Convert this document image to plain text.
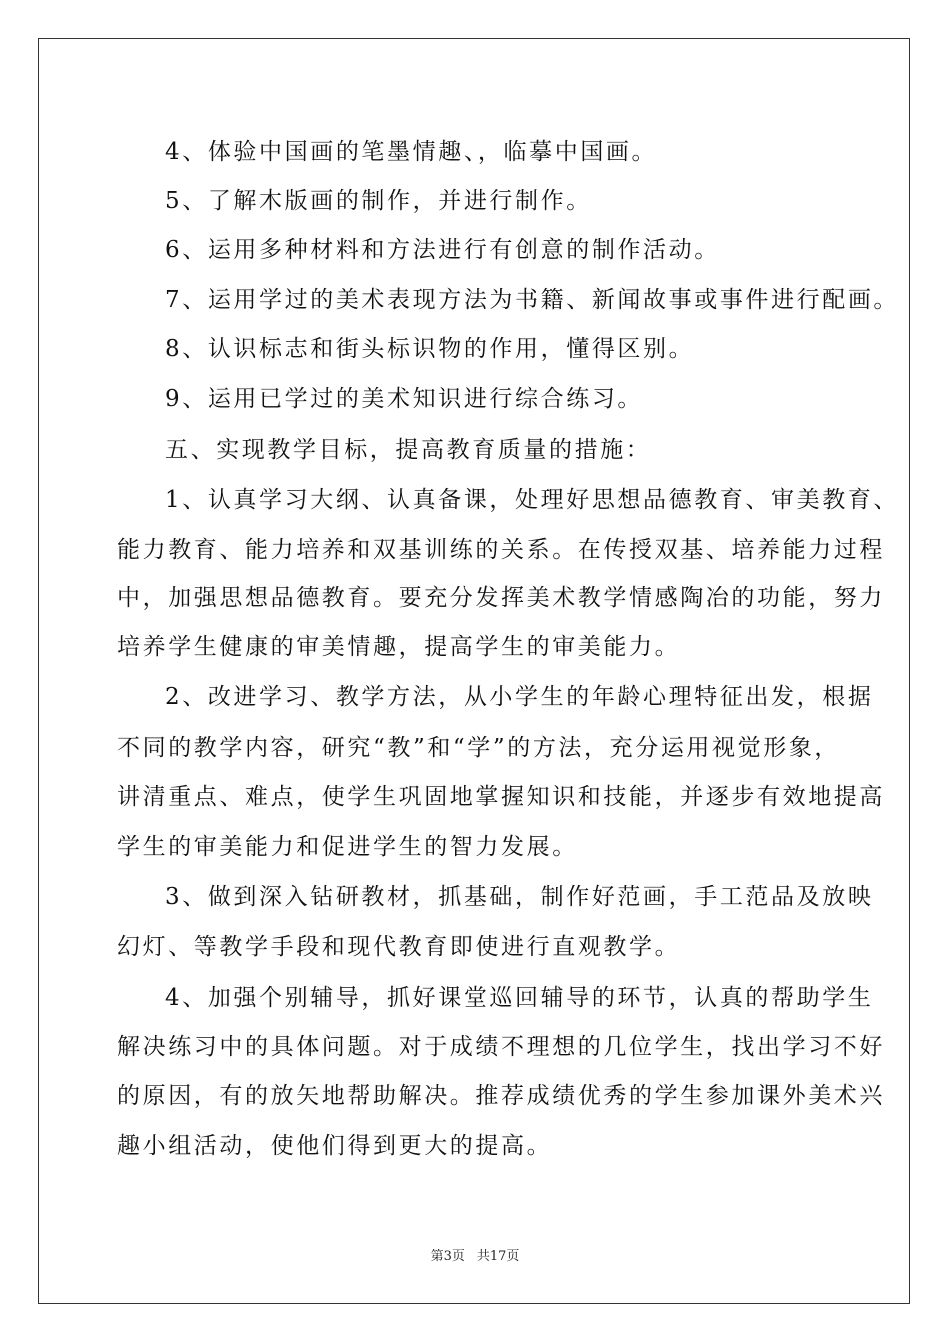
4、体验中国画的笔墨情趣、，临摹中国画。
5、了解木版画的制作，并进行制作。
6、运用多种材料和方法进行有创意的制作活动。
7、运用学过的美术表现方法为书籍、新闻故事或事件进行配画。
8、认识标志和街头标识物的作用，懂得区别。
9、运用已学过的美术知识进行综合练习。
五、实现教学目标，提高教育质量的措施：
1、认真学习大纲、认真备课，处理好思想品德教育、审美教育、
能力教育、能力培养和双基训练的关系。在传授双基、培养能力过程
中，加强思想品德教育。要充分发挥美术教学情感陶冶的功能，努力
培养学生健康的审美情趣，提高学生的审美能力。
2、改进学习、教学方法，从小学生的年龄心理特征出发，根据
不同的教学内容，研究“教”和“学”的方法，充分运用视觉形象，
讲清重点、难点，使学生巩固地掌握知识和技能，并逐步有效地提高
学生的审美能力和促进学生的智力发展。
3、做到深入钻研教材，抓基础，制作好范画，手工范品及放映
幻灯、等教学手段和现代教育即使进行直观教学。
4、加强个别辅导，抓好课堂巡回辅导的环节，认真的帮助学生
解决练习中的具体问题。对于成绩不理想的几位学生，找出学习不好
的原因，有的放矢地帮助解决。推荐成绩优秀的学生参加课外美术兴
趣小组活动，使他们得到更大的提高。
第3页 共17页
